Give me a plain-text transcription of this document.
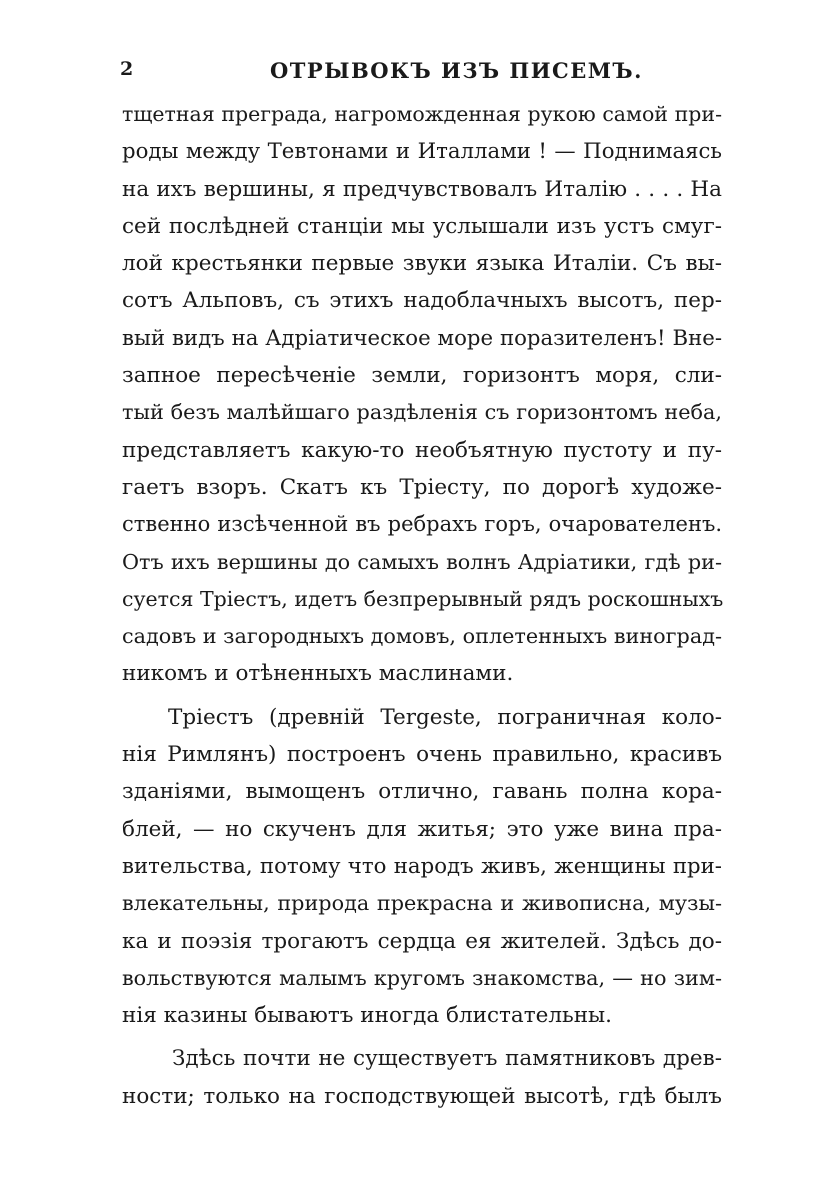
2	ОТРЫВОКЪ ИЗЪ ПИСЕМЪ.
тщетная преграда, нагроможденная рукою самой при-
роды между Тевтонами и Италлами ! — Поднимаясь
на ихъ вершины, я предчувствовалъ Италію . . . . На
сей послѣдней станціи мы услышали изъ устъ смуг-
лой крестьянки первые звуки языка Италіи. Съ вы-
сотъ Альповъ, съ этихъ надоблачныхъ высотъ, пер-
вый видъ на Адріатическое море поразителенъ! Вне-
запное пересѣченіе земли, горизонтъ моря, сли-
тый безъ малѣйшаго раздѣленія съ горизонтомъ неба,
представляетъ какую-то необъятную пустоту и пу-
гаетъ взоръ. Скатъ къ Тріесту, по дорогѣ художе-
ственно изсѣченной въ ребрахъ горъ, очарователенъ.
Отъ ихъ вершины до самыхъ волнъ Адріатики, гдѣ ри-
суется Тріестъ, идетъ безпрерывный рядъ роскошныхъ
садовъ и загородныхъ домовъ, оплетенныхъ виноград-
никомъ и отѣненныхъ маслинами.
Тріестъ (древній Tergeste, пограничная коло-
нія Римлянъ) построенъ очень правильно, красивъ
зданіями, вымощенъ отлично, гавань полна кора-
блей, — но скученъ для житья; это уже вина пра-
вительства, потому что народъ живъ, женщины при-
влекательны, природа прекрасна и живописна, музы-
ка и поэзія трогаютъ сердца ея жителей. Здѣсь до-
вольствуются малымъ кругомъ знакомства, — но зим-
нія казины бываютъ иногда блистательны.
Здѣсь почти не существуетъ памятниковъ древ-
ности; только на господствующей высотѣ, гдѣ былъ
